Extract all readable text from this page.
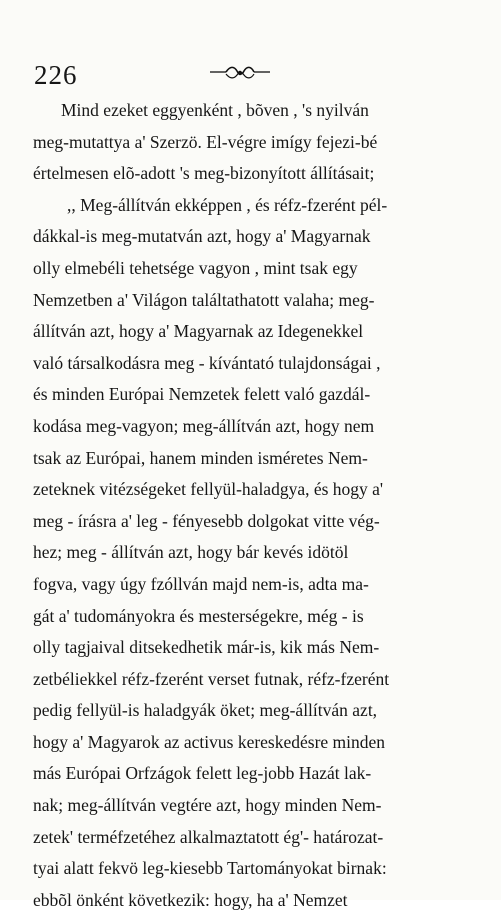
226
Mind ezeket eggyenként , bõven , 's nyilván
meg-mutattya a' Szerzö. El-végre imígy fejezi-bé
értelmesen elõ-adott 's meg-bizonyított állításait;
,, Meg-állítván ekképpen , és réfz-fzerént pél-
dákkal-is meg-mutatván azt, hogy a' Magyarnak
olly elmebéli tehetsége vagyon , mint tsak egy
Nemzetben a' Világon találtathatott valaha; meg-
állítván azt, hogy a' Magyarnak az Idegenekkel
való társalkodásra meg - kívántató tulajdonságai ,
és minden Európai Nemzetek felett való gazdál-
kodása meg-vagyon; meg-állítván azt, hogy nem
tsak az Európai, hanem minden isméretes Nem-
zeteknek vitézségeket fellyül-haladgya, és hogy a'
meg - írásra a' leg - fényesebb dolgokat vitte vég-
hez; meg - állítván azt, hogy bár kevés idötöl
fogva, vagy úgy fzóllván majd nem-is, adta ma-
gát a' tudományokra és mesterségekre, még - is
olly tagjaival ditsekedhetik már-is, kik más Nem-
zetbéliekkel réfz-fzerént verset futnak, réfz-fzerént
pedig fellyül-is haladgyák öket; meg-állítván azt,
hogy a' Magyarok az activus kereskedésre minden
más Európai Orfzágok felett leg-jobb Hazát lak-
nak; meg-állítván vegtére azt, hogy minden Nem-
zetek' terméfzetéhez alkalmaztatott ég'- határozat-
tyai alatt fekvö leg-kiesebb Tartományokat birnak:
ebbõl önként következik: hogy, ha a' Nemzet
